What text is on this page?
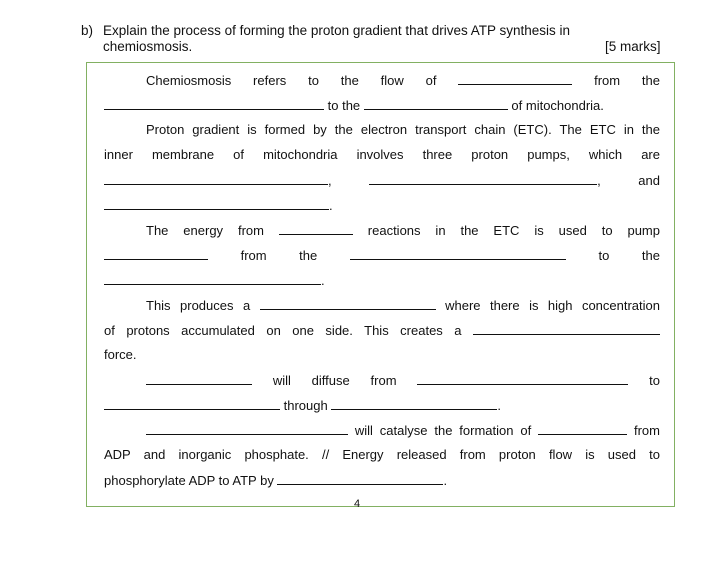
b) Explain the process of forming the proton gradient that drives ATP synthesis in
chemiosmosis.	[5 marks]
Chemiosmosis refers to the flow of	from the
to the	of mitochondria.
Proton gradient is formed by the electron transport chain (ETC). The ETC in the
inner membrane of mitochondria involves three proton pumps, which are
,	,	and
.
The energy from	reactions in the ETC is used to pump
from the	to the
.
This produces a	where there is high concentration
of protons accumulated on one side. This creates a
force.
will diffuse from	to
through	.
will catalyse the formation of	from
ADP and inorganic phosphate. // Energy released from proton flow is used to
phosphorylate ADP to ATP by	.
4
